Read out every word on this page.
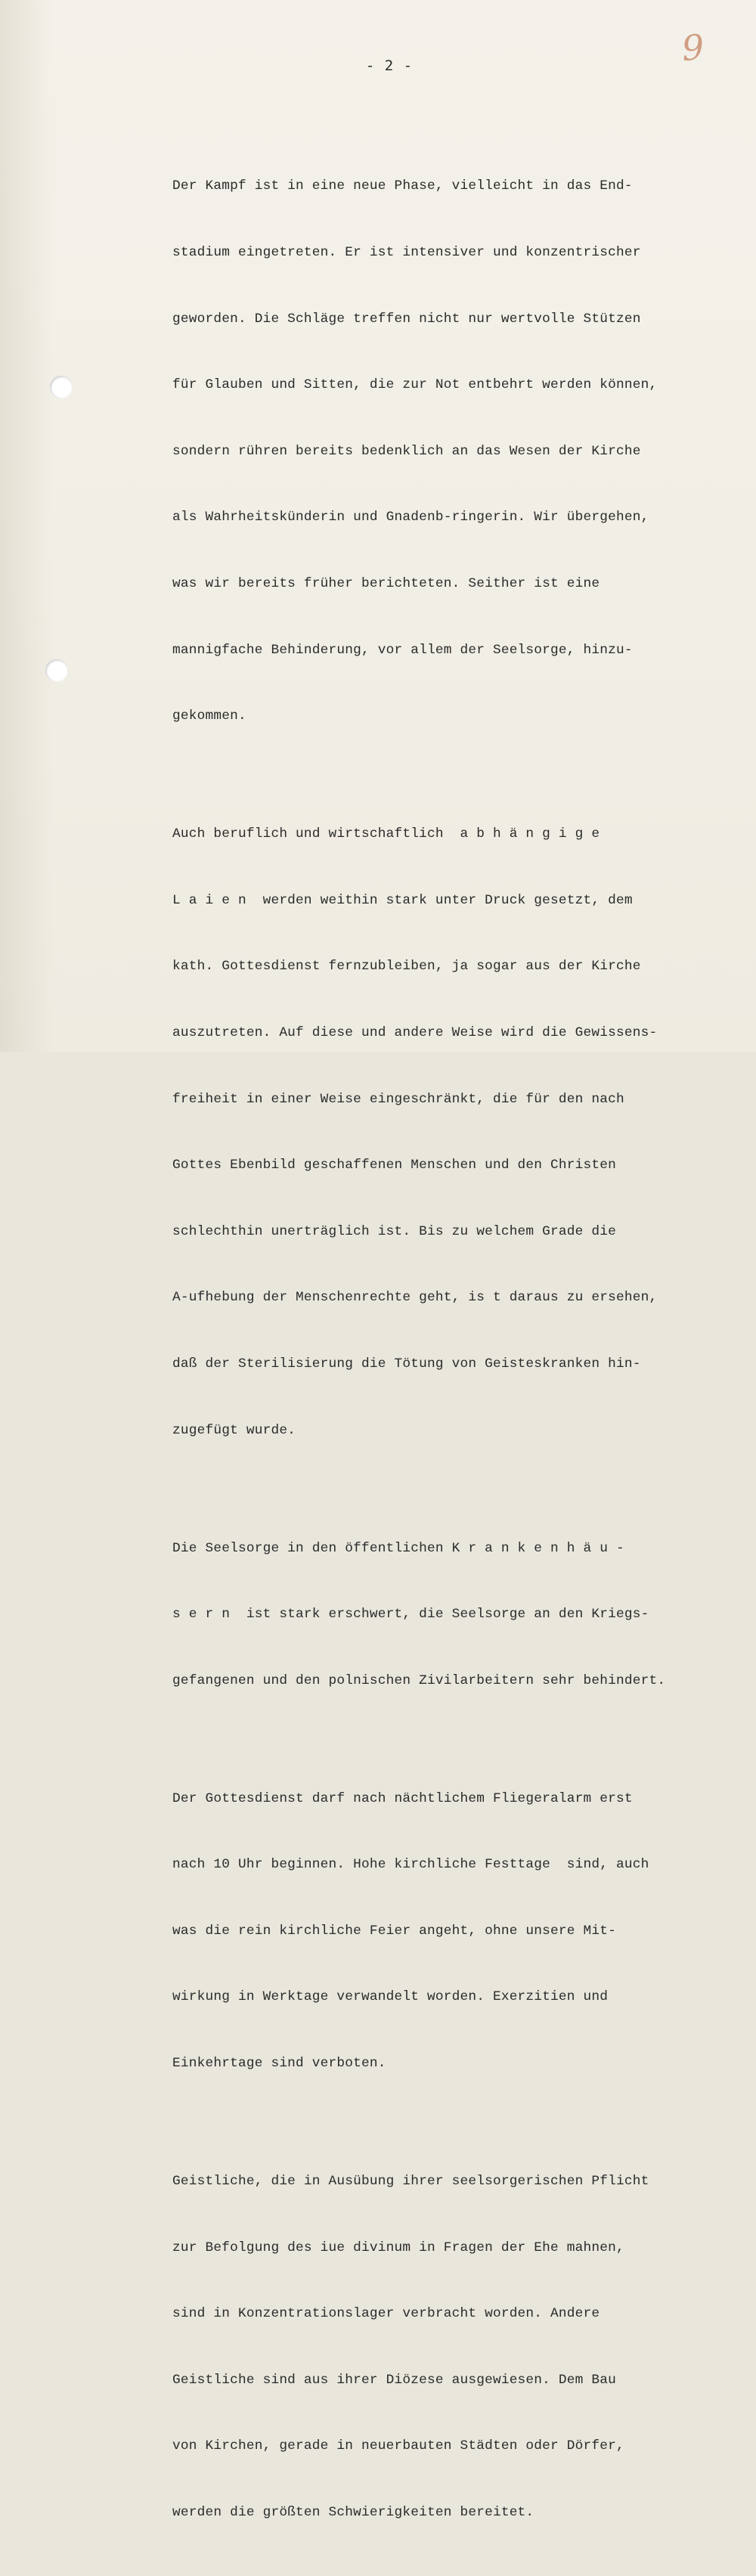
- 2 -	9

Der Kampf ist in eine neue Phase, vielleicht in das End-

stadium eingetreten. Er ist intensiver und konzentrischer

geworden. Die Schläge treffen nicht nur wertvolle Stützen

für Glauben und Sitten, die zur Not entbehrt werden können,

sondern rühren bereits bedenklich an das Wesen der Kirche

als Wahrheitskünderin und Gnadenb-ringerin. Wir übergehen,

was wir bereits früher berichteten. Seither ist eine

mannigfache Behinderung, vor allem der Seelsorge, hinzu-

gekommen.

Auch beruflich und wirtschaftlich  a b h ä n g i g e

L a i e n  werden weithin stark unter Druck gesetzt, dem

kath. Gottesdienst fernzubleiben, ja sogar aus der Kirche

auszutreten. Auf diese und andere Weise wird die Gewissens-

freiheit in einer Weise eingeschränkt, die für den nach

Gottes Ebenbild geschaffenen Menschen und den Christen

schlechthin unerträglich ist. Bis zu welchem Grade die

A-ufhebung der Menschenrechte geht, is t daraus zu ersehen,

daß der Sterilisierung die Tötung von Geisteskranken hin-

zugefügt wurde.

Die Seelsorge in den öffentlichen K r a n k e n h ä u -

s e r n  ist stark erschwert, die Seelsorge an den Kriegs-

gefangenen und den polnischen Zivilarbeitern sehr behindert.

Der Gottesdienst darf nach nächtlichem Fliegeralarm erst

nach 10 Uhr beginnen. Hohe kirchliche Festtage  sind, auch

was die rein kirchliche Feier angeht, ohne unsere Mit-

wirkung in Werktage verwandelt worden. Exerzitien und

Einkehrtage sind verboten.

Geistliche, die in Ausübung ihrer seelsorgerischen Pflicht

zur Befolgung des iue divinum in Fragen der Ehe mahnen,

sind in Konzentrationslager verbracht worden. Andere

Geistliche sind aus ihrer Diözese ausgewiesen. Dem Bau

von Kirchen, gerade in neuerbauten Städten oder Dörfer,

werden die größten Schwierigkeiten bereitet.
